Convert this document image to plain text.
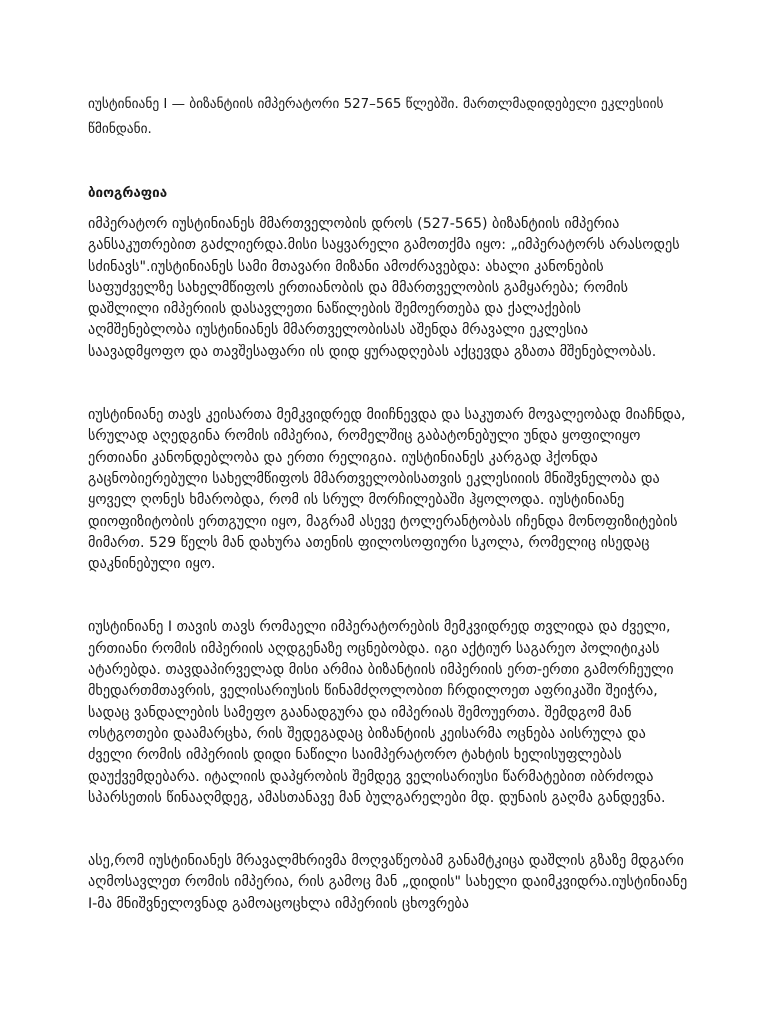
იუსტინიანე I — ბიზანტიის იმპერატორი 527–565 წლებში. მართლმადიდებელი ეკლესიის წმინდანი.

ბიოგრაფია

იმპერატორ იუსტინიანეს მმართველობის დროს (527-565) ბიზანტიის იმპერია განსაკუთრებით გაძლიერდა.მისი საყვარელი გამოთქმა იყო: „იმპერატორს არასოდეს სძინავს".იუსტინიანეს სამი მთავარი მიზანი ამოძრავებდა: ახალი კანონების საფუძველზე სახელმწიფოს ერთიანობის და მმართველობის გამყარება; რომის დაშლილი იმპერიის დასავლეთი ნაწილების შემოერთება და ქალაქების აღმშენებლობა იუსტინიანეს მმართველობისას აშენდა მრავალი ეკლესია საავადმყოფო და თავშესაფარი ის დიდ ყურადღებას აქცევდა გზათა მშენებლობას.

იუსტინიანე თავს კეისართა მემკვიდრედ მიიჩნევდა და საკუთარ მოვალეობად მიაჩნდა, სრულად აღედგინა რომის იმპერია, რომელშიც გაბატონებული უნდა ყოფილიყო ერთიანი კანონდებლობა და ერთი რელიგია. იუსტინიანეს კარგად ჰქონდა გაცნობიერებული სახელმწიფოს მმართველობისათვის ეკლესიიის მნიშვნელობა და ყოველ ღონეს ხმარობდა, რომ ის სრულ მორჩილებაში ჰყოლოდა. იუსტინიანე დიოფიზიტობის ერთგული იყო, მაგრამ ასევე ტოლერანტობას იჩენდა მონოფიზიტების მიმართ. 529 წელს მან დახურა ათენის ფილოსოფიური სკოლა, რომელიც ისედაც დაკნინებული იყო.

იუსტინიანე I თავის თავს რომაელი იმპერატორების მემკვიდრედ თვლიდა და ძველი, ერთიანი რომის იმპერიის აღდგენაზე ოცნებობდა. იგი აქტიურ საგარეო პოლიტიკას ატარებდა. თავდაპირველად მისი არმია ბიზანტიის იმპერიის ერთ-ერთი გამორჩეული მხედართმთავრის, ველისარიუსის წინამძღოლობით ჩრდილოეთ აფრიკაში შეიჭრა, სადაც ვანდალების სამეფო გაანადგურა და იმპერიას შემოუერთა. შემდგომ მან ოსტგოთები დაამარცხა, რის შედეგადაც ბიზანტიის კეისარმა ოცნება აისრულა და ძველი რომის იმპერიის დიდი ნაწილი საიმპერატორო ტახტის ხელისუფლებას დაუქვემდებარა. იტალიის დაპყრობის შემდეგ ველისარიუსი წარმატებით იბრძოდა სპარსეთის წინააღმდეგ, ამასთანავე მან ბულგარელები მდ. დუნაის გაღმა განდევნა.

ასე,რომ იუსტინიანეს მრავალმხრივმა მოღვაწეობამ განამტკიცა დაშლის გზაზე მდგარი აღმოსავლეთ რომის იმპერია, რის გამოც მან „დიდის" სახელი დაიმკვიდრა.იუსტინიანე I-მა მნიშვნელოვნად გამოაცოცხლა იმპერიის ცხოვრება
